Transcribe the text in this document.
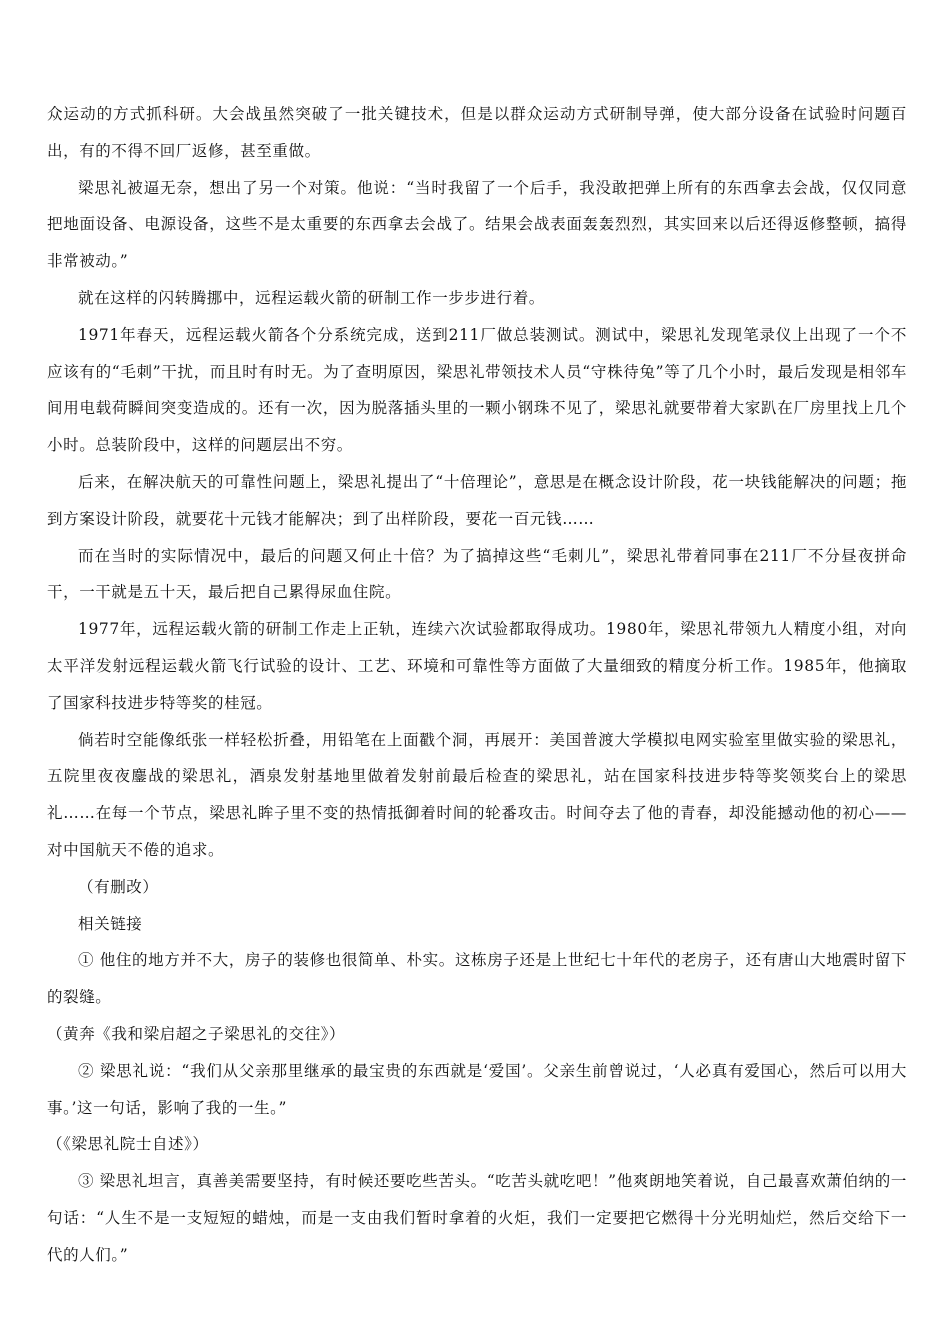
众运动的方式抓科研。大会战虽然突破了一批关键技术，但是以群众运动方式研制导弹，使大部分设备在试验时问题百出，有的不得不回厂返修，甚至重做。

梁思礼被逼无奈，想出了另一个对策。他说：“当时我留了一个后手，我没敢把弹上所有的东西拿去会战，仅仅同意把地面设备、电源设备，这些不是太重要的东西拿去会战了。结果会战表面轰轰烈烈，其实回来以后还得返修整顿，搞得非常被动。”

就在这样的闪转腾挪中，远程运载火箭的研制工作一步步进行着。

1971年春天，远程运载火箭各个分系统完成，送到211厂做总装测试。测试中，梁思礼发现笔录仪上出现了一个不应该有的“毛刺”干扰，而且时有时无。为了查明原因，梁思礼带领技术人员“守株待兔”等了几个小时，最后发现是相邻车间用电载荷瞬间突变造成的。还有一次，因为脱落插头里的一颗小钢珠不见了，梁思礼就要带着大家趴在厂房里找上几个小时。总装阶段中，这样的问题层出不穷。

后来，在解决航天的可靠性问题上，梁思礼提出了“十倍理论”，意思是在概念设计阶段，花一块钱能解决的问题；拖到方案设计阶段，就要花十元钱才能解决；到了出样阶段，要花一百元钱……

而在当时的实际情况中，最后的问题又何止十倍？为了搞掉这些“毛刺儿”，梁思礼带着同事在211厂不分昼夜拼命干，一干就是五十天，最后把自己累得尿血住院。

1977年，远程运载火箭的研制工作走上正轨，连续六次试验都取得成功。1980年，梁思礼带领九人精度小组，对向太平洋发射远程运载火箭飞行试验的设计、工艺、环境和可靠性等方面做了大量细致的精度分析工作。1985年，他摘取了国家科技进步特等奖的桂冠。

倘若时空能像纸张一样轻松折叠，用铅笔在上面戳个洞，再展开：美国普渡大学模拟电网实验室里做实验的梁思礼，五院里夜夜鏖战的梁思礼，酒泉发射基地里做着发射前最后检查的梁思礼，站在国家科技进步特等奖领奖台上的梁思礼……在每一个节点，梁思礼眸子里不变的热情抵御着时间的轮番攻击。时间夺去了他的青春，却没能撼动他的初心——对中国航天不倦的追求。

（有删改）

相关链接

① 他住的地方并不大，房子的装修也很简单、朴实。这栋房子还是上世纪七十年代的老房子，还有唐山大地震时留下的裂缝。

（黄奔《我和梁启超之子梁思礼的交往》）

② 梁思礼说：“我们从父亲那里继承的最宝贵的东西就是‘爱国’。父亲生前曾说过，‘人必真有爱国心，然后可以用大事。’这一句话，影响了我的一生。”

（《梁思礼院士自述》）

③ 梁思礼坦言，真善美需要坚持，有时候还要吃些苦头。“吃苦头就吃吧！”他爽朗地笑着说，自己最喜欢萧伯纳的一句话：“人生不是一支短短的蜡烛，而是一支由我们暂时拿着的火炬，我们一定要把它燃得十分光明灿烂，然后交给下一代的人们。”
